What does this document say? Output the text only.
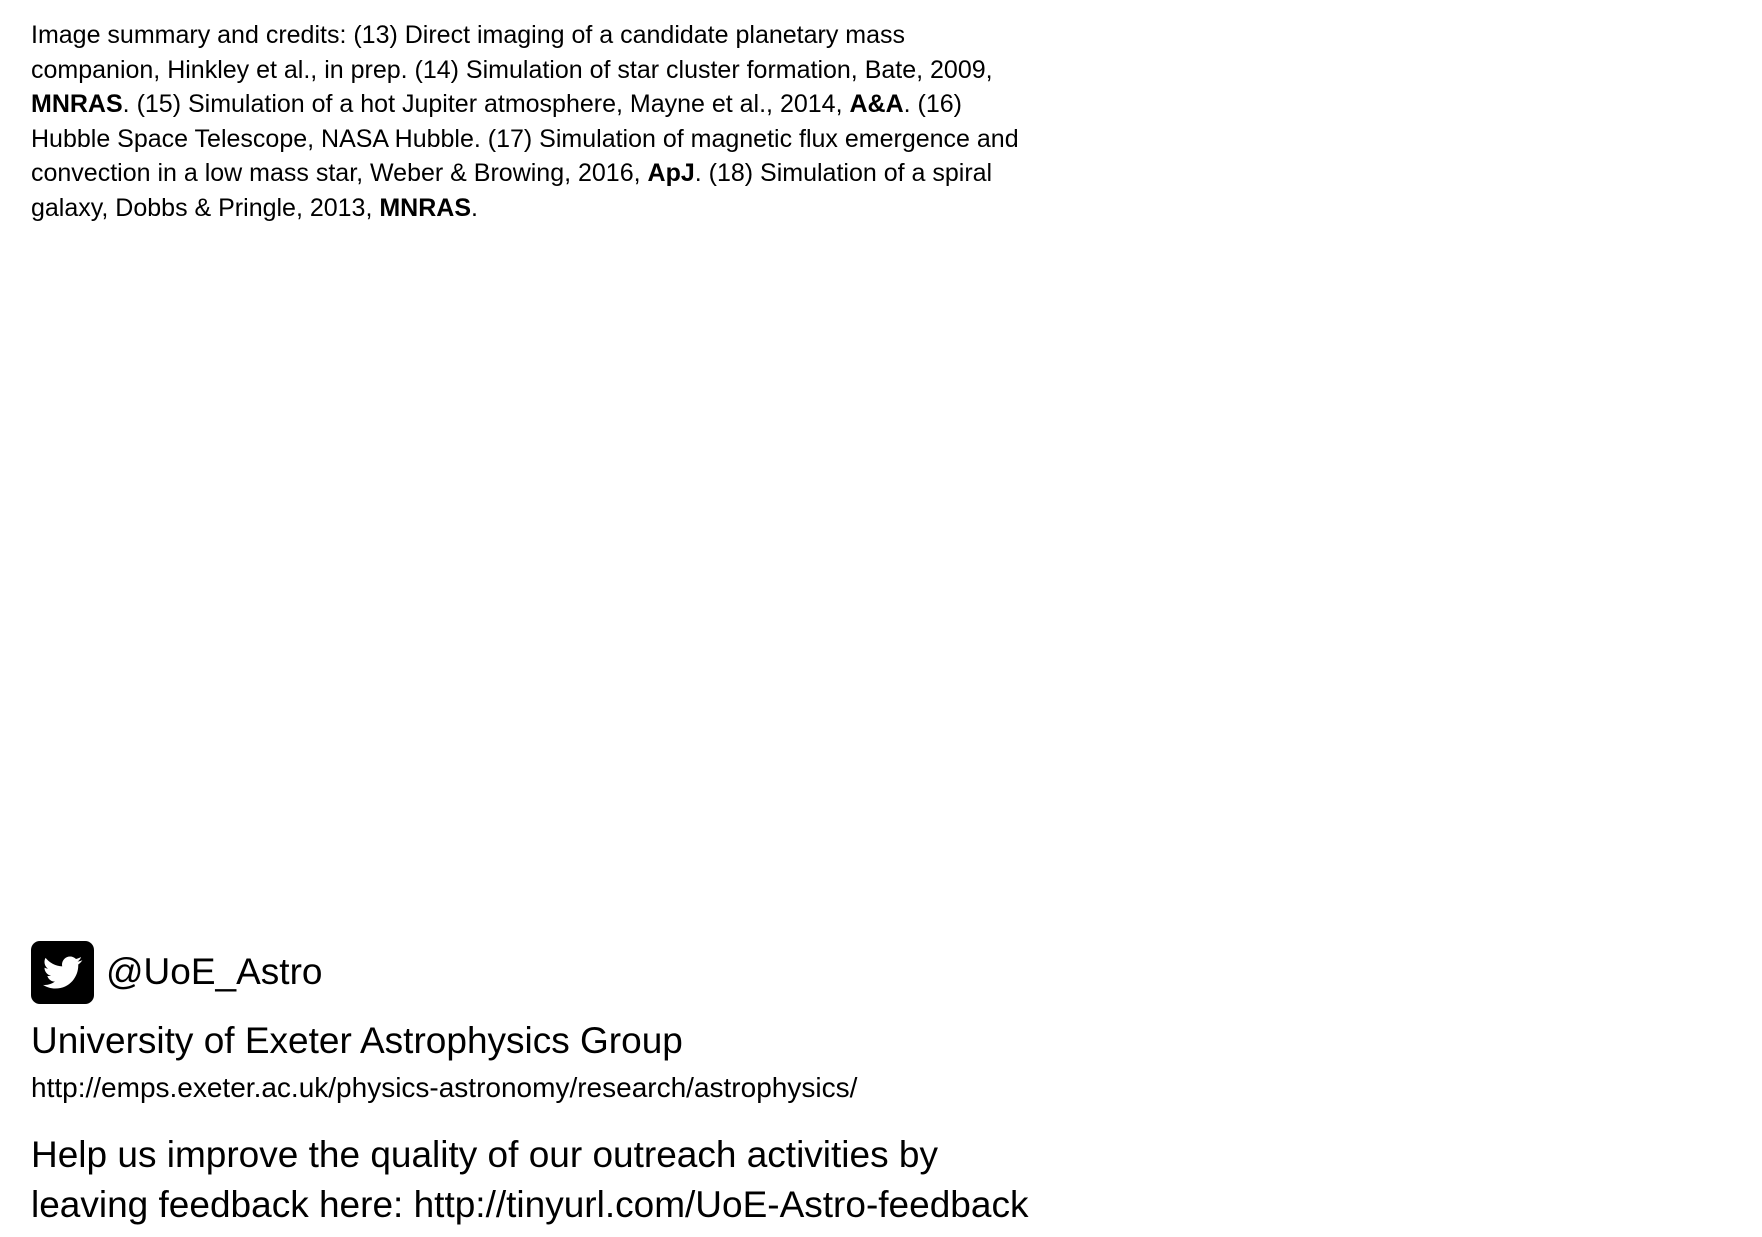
Image summary and credits: (13) Direct imaging of a candidate planetary mass companion, Hinkley et al., in prep. (14) Simulation of star cluster formation, Bate, 2009, MNRAS. (15) Simulation of a hot Jupiter atmosphere, Mayne et al., 2014, A&A. (16) Hubble Space Telescope, NASA Hubble. (17) Simulation of magnetic flux emergence and convection in a low mass star, Weber & Browing, 2016, ApJ. (18) Simulation of a spiral galaxy, Dobbs & Pringle, 2013, MNRAS.
@UoE_Astro
University of Exeter Astrophysics Group
http://emps.exeter.ac.uk/physics-astronomy/research/astrophysics/
Help us improve the quality of our outreach activities by
leaving feedback here: http://tinyurl.com/UoE-Astro-feedback
